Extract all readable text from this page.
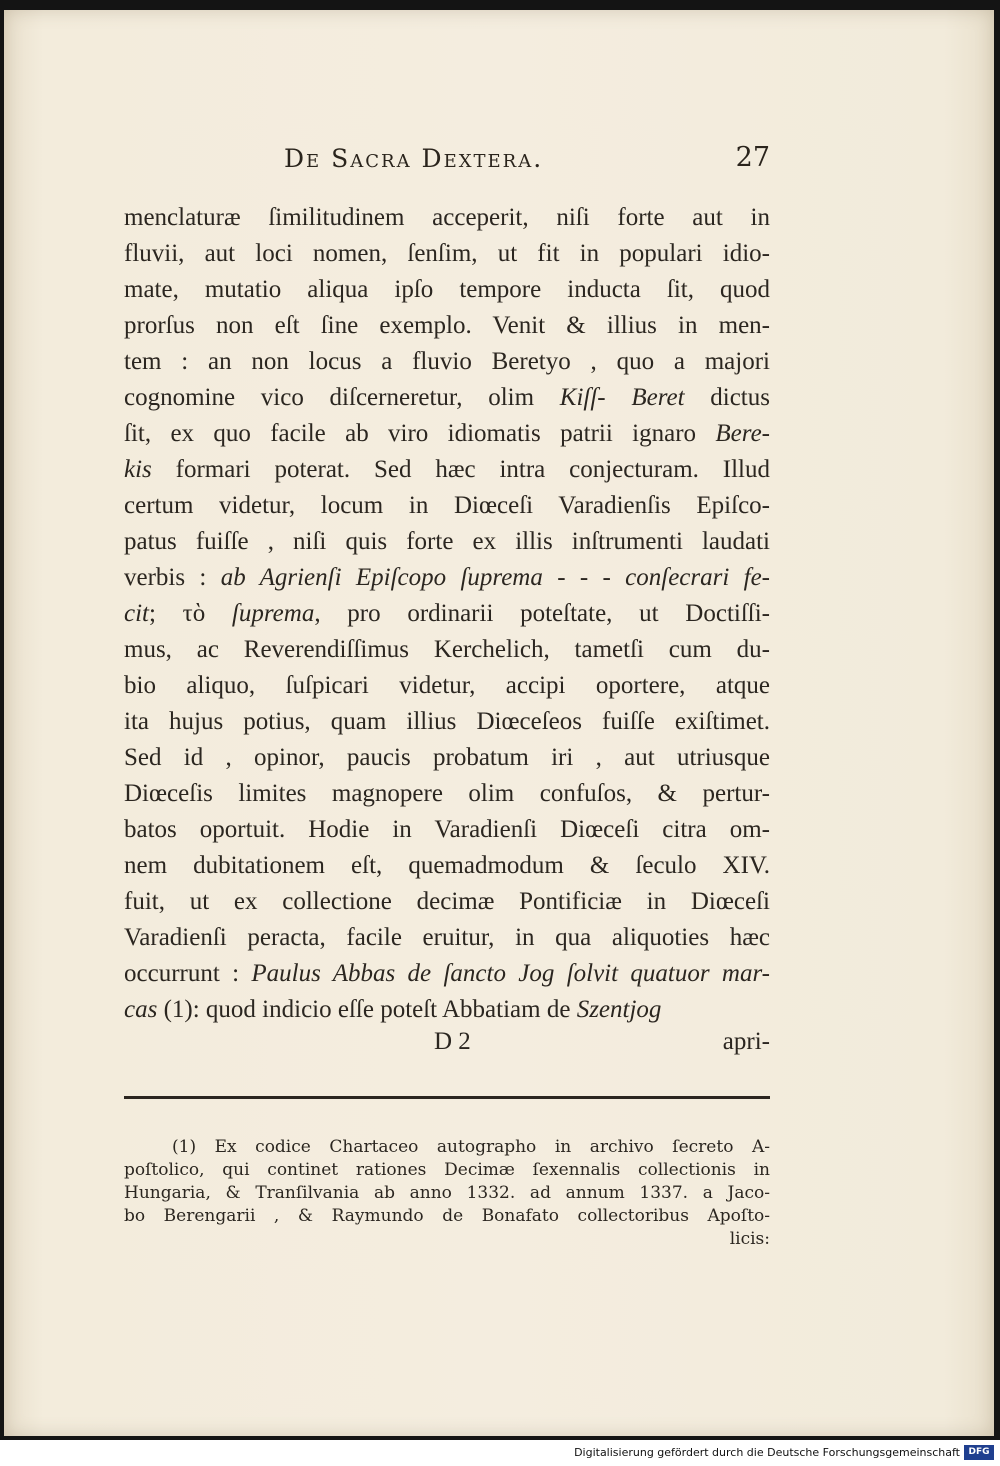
De Sacra Dextera.	27
menclaturæ ſimilitudinem acceperit, niſi forte aut in
fluvii, aut loci nomen, ſenſim, ut fit in populari idio-
mate, mutatio aliqua ipſo tempore inducta ſit, quod
prorſus non eſt ſine exemplo. Venit & illius in men-
tem : an non locus a fluvio Beretyo , quo a majori
cognomine vico diſcerneretur, olim Kiſſ- Beret dictus
ſit, ex quo facile ab viro idiomatis patrii ignaro Bere-
kis formari poterat. Sed hæc intra conjecturam. Illud
certum videtur, locum in Diœceſi Varadienſis Epiſco-
patus fuiſſe , niſi quis forte ex illis inſtrumenti laudati
verbis : ab Agrienſi Epiſcopo ſuprema - - - conſecrari fe-
cit; τὸ ſuprema, pro ordinarii poteſtate, ut Doctiſſi-
mus, ac Reverendiſſimus Kerchelich, tametſi cum du-
bio aliquo, ſuſpicari videtur, accipi oportere, atque
ita hujus potius, quam illius Diœceſeos fuiſſe exiſtimet.
Sed id , opinor, paucis probatum iri , aut utriusque
Diœceſis limites magnopere olim confuſos, & pertur-
batos oportuit. Hodie in Varadienſi Diœceſi citra om-
nem dubitationem eſt, quemadmodum & ſeculo XIV.
fuit, ut ex collectione decimæ Pontificiæ in Diœceſi
Varadienſi peracta, facile eruitur, in qua aliquoties hæc
occurrunt : Paulus Abbas de ſancto Jog ſolvit quatuor mar-
cas (1): quod indicio eſſe poteſt Abbatiam de Szentjog
D 2	apri-
(1) Ex codice Chartaceo autographo in archivo ſecreto A-
poſtolico, qui continet rationes Decimæ ſexennalis collectionis in
Hungaria, & Tranſilvania ab anno 1332. ad annum 1337. a Jaco-
bo Berengarii , & Raymundo de Bonafato collectoribus Apoſto-
licis:
Digitalisierung gefördert durch die Deutsche Forschungsgemeinschaft DFG
